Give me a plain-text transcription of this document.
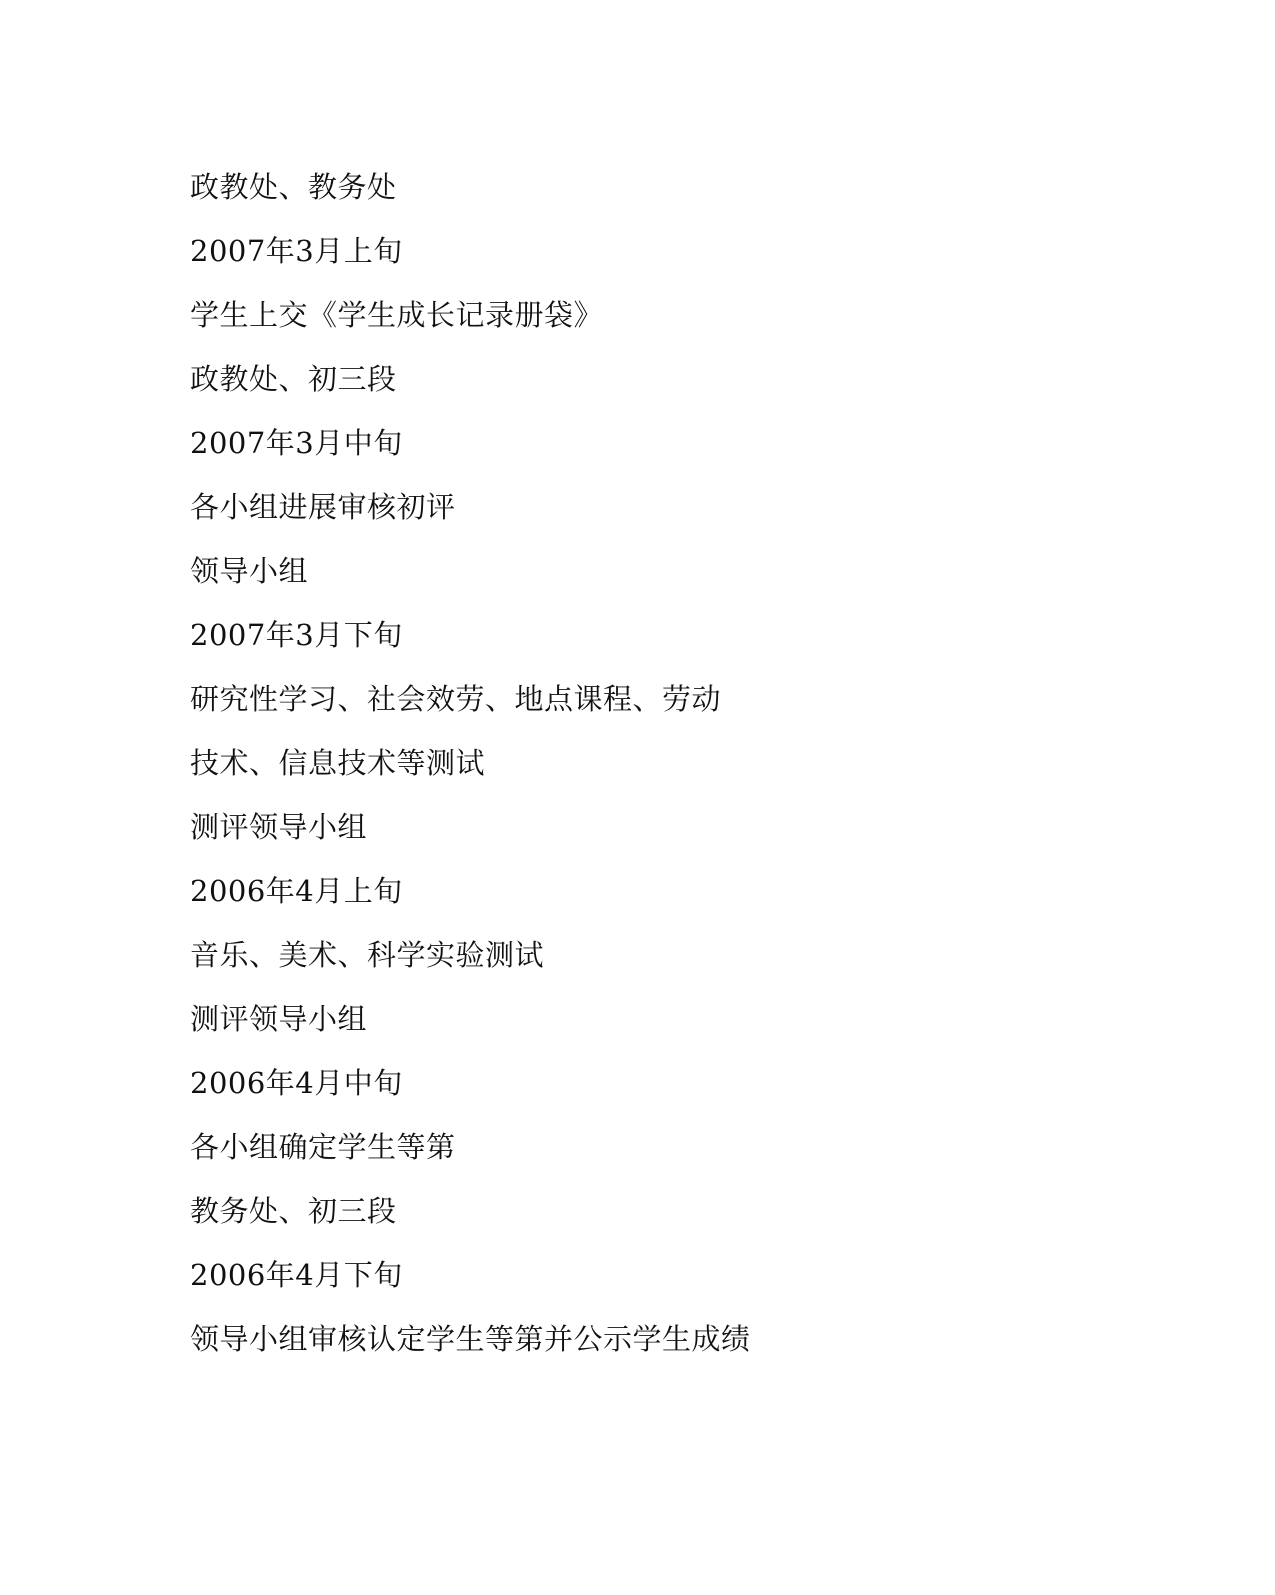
政教处、教务处
2007年3月上旬
学生上交《学生成长记录册袋》
政教处、初三段
2007年3月中旬
各小组进展审核初评
领导小组
2007年3月下旬
研究性学习、社会效劳、地点课程、劳动
技术、信息技术等测试
测评领导小组
2006年4月上旬
音乐、美术、科学实验测试
测评领导小组
2006年4月中旬
各小组确定学生等第
教务处、初三段
2006年4月下旬
领导小组审核认定学生等第并公示学生成绩
